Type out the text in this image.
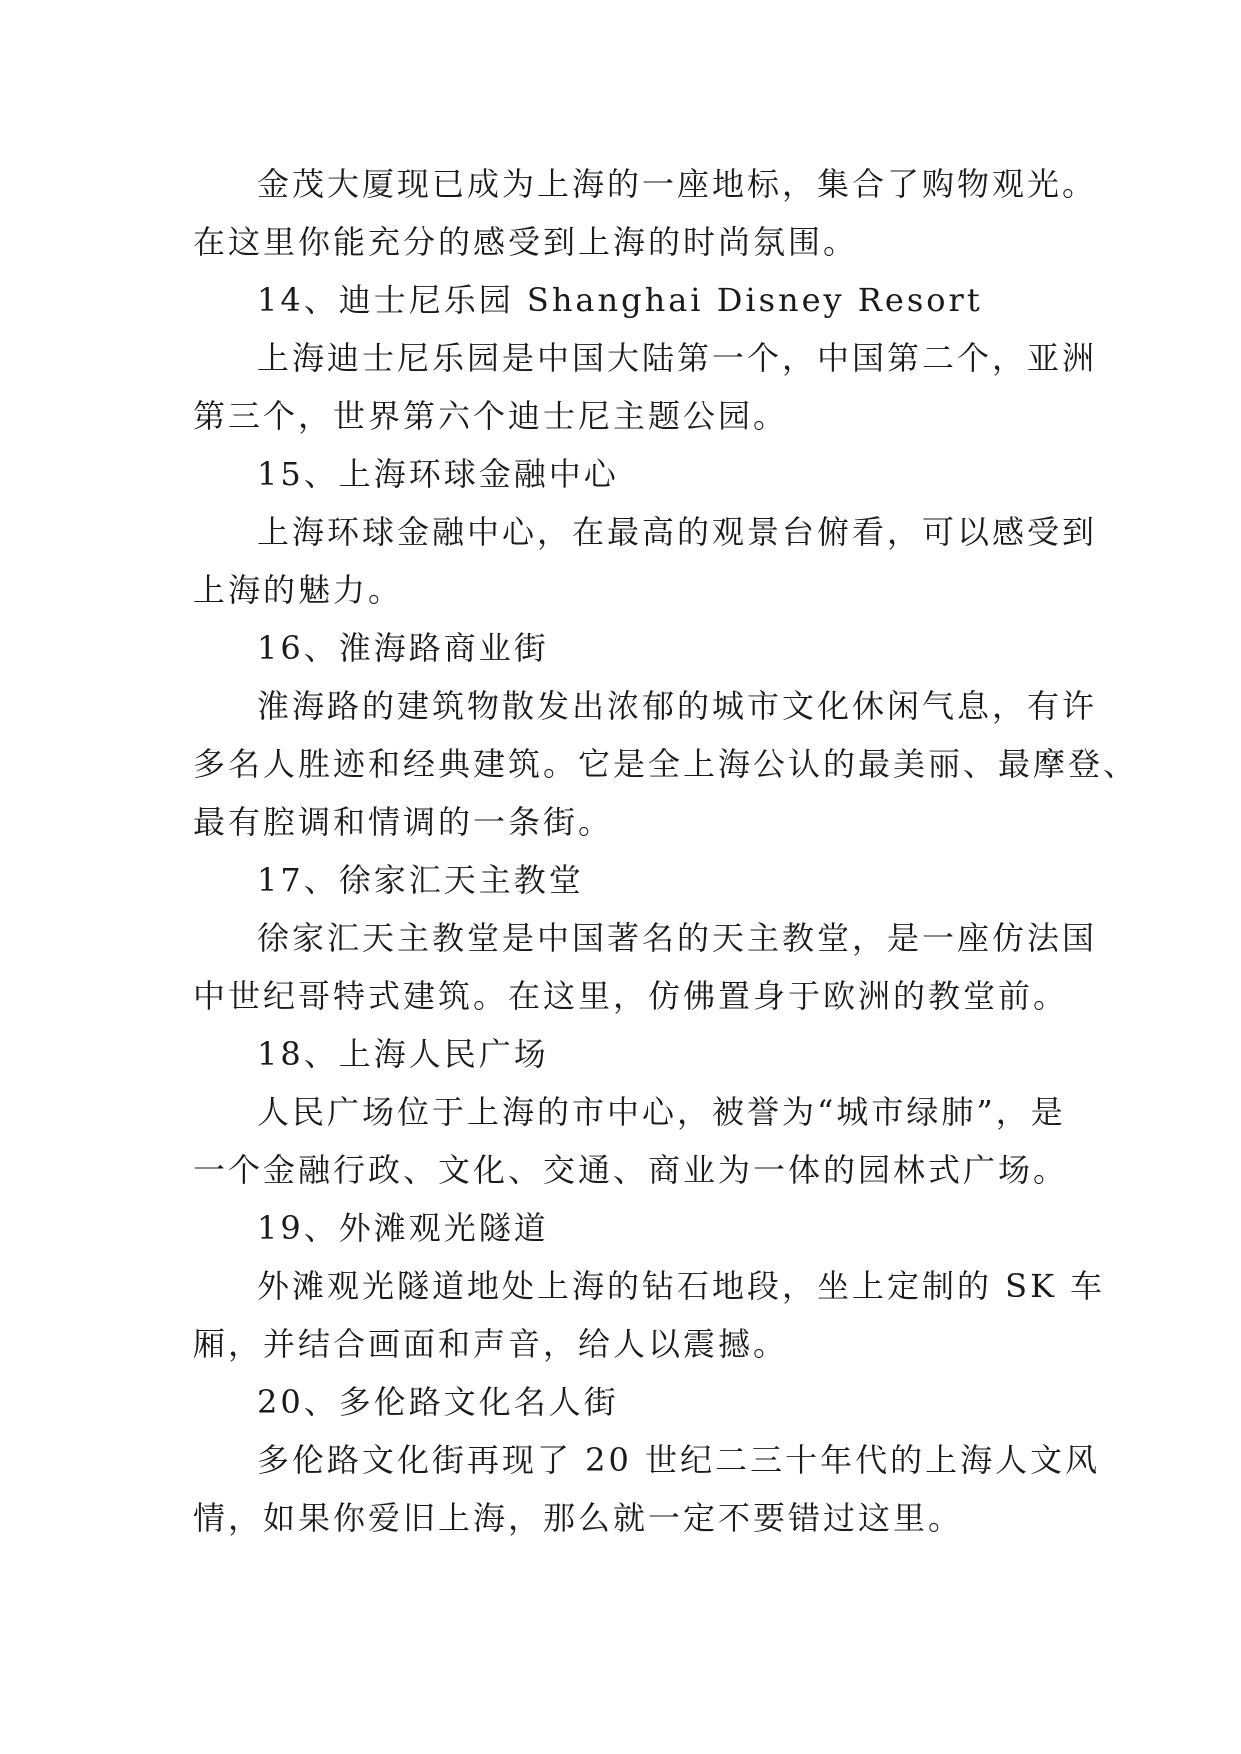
金茂大厦现已成为上海的一座地标，集合了购物观光。
在这里你能充分的感受到上海的时尚氛围。
14、迪士尼乐园 Shanghai Disney Resort
上海迪士尼乐园是中国大陆第一个，中国第二个，亚洲
第三个，世界第六个迪士尼主题公园。
15、上海环球金融中心
上海环球金融中心，在最高的观景台俯看，可以感受到
上海的魅力。
16、淮海路商业街
淮海路的建筑物散发出浓郁的城市文化休闲气息，有许
多名人胜迹和经典建筑。它是全上海公认的最美丽、最摩登、
最有腔调和情调的一条街。
17、徐家汇天主教堂
徐家汇天主教堂是中国著名的天主教堂，是一座仿法国
中世纪哥特式建筑。在这里，仿佛置身于欧洲的教堂前。
18、上海人民广场
人民广场位于上海的市中心，被誉为“城市绿肺”，是
一个金融行政、文化、交通、商业为一体的园林式广场。
19、外滩观光隧道
外滩观光隧道地处上海的钻石地段，坐上定制的 SK 车
厢，并结合画面和声音，给人以震撼。
20、多伦路文化名人街
多伦路文化街再现了 20 世纪二三十年代的上海人文风
情，如果你爱旧上海，那么就一定不要错过这里。
